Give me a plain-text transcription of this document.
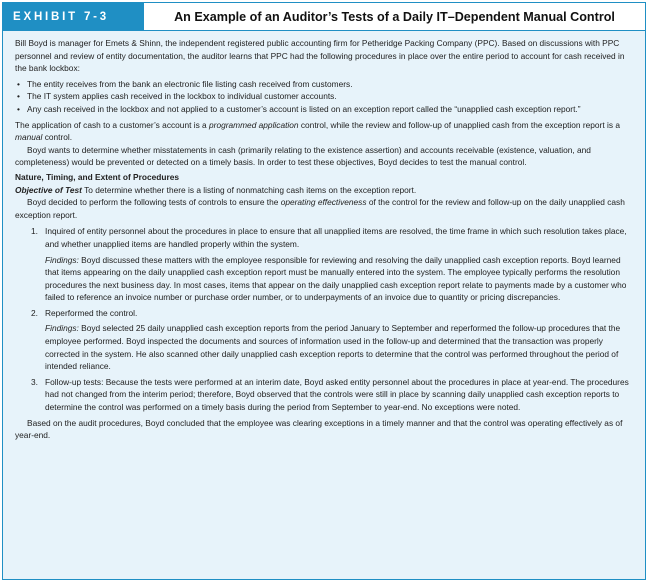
EXHIBIT 7-3	An Example of an Auditor’s Tests of a Daily IT–Dependent Manual Control

Bill Boyd is manager for Emets & Shinn, the independent registered public accounting firm for Petheridge Packing Company (PPC). Based on discussions with PPC personnel and review of entity documentation, the auditor learns that PPC had the following procedures in place over the entire period to account for cash received in the bank lockbox:

• The entity receives from the bank an electronic file listing cash received from customers.
• The IT system applies cash received in the lockbox to individual customer accounts.
• Any cash received in the lockbox and not applied to a customer’s account is listed on an exception report called the “unapplied cash exception report.”

The application of cash to a customer’s account is a programmed application control, while the review and follow-up of unapplied cash from the exception report is a manual control.

Boyd wants to determine whether misstatements in cash (primarily relating to the existence assertion) and accounts receivable (existence, valuation, and completeness) would be prevented or detected on a timely basis. In order to test these objectives, Boyd decides to test the manual control.

Nature, Timing, and Extent of Procedures

Objective of Test To determine whether there is a listing of nonmatching cash items on the exception report.

Boyd decided to perform the following tests of controls to ensure the operating effectiveness of the control for the review and follow-up on the daily unapplied cash exception report.

1. Inquired of entity personnel about the procedures in place to ensure that all unapplied items are resolved, the time frame in which such resolution takes place, and whether unapplied items are handled properly within the system.

Findings: Boyd discussed these matters with the employee responsible for reviewing and resolving the daily unapplied cash exception reports. Boyd learned that items appearing on the daily unapplied cash exception report must be manually entered into the system. The employee typically performs the resolution procedures the next business day. In most cases, items that appear on the daily unapplied cash exception report relate to payments made by a customer who failed to reference an invoice number or purchase order number, or to underpayments of an invoice due to quantity or pricing discrepancies.

2. Reperformed the control.

Findings: Boyd selected 25 daily unapplied cash exception reports from the period January to September and reperformed the follow-up procedures that the employee performed. Boyd inspected the documents and sources of information used in the follow-up and determined that the transaction was properly corrected in the system. He also scanned other daily unapplied cash exception reports to determine that the control was performed throughout the period of intended reliance.

3. Follow-up tests: Because the tests were performed at an interim date, Boyd asked entity personnel about the procedures in place at year-end. The procedures had not changed from the interim period; therefore, Boyd observed that the controls were still in place by scanning daily unapplied cash exception reports to determine the control was performed on a timely basis during the period from September to year-end. No exceptions were noted.

Based on the audit procedures, Boyd concluded that the employee was clearing exceptions in a timely manner and that the control was operating effectively as of year-end.
